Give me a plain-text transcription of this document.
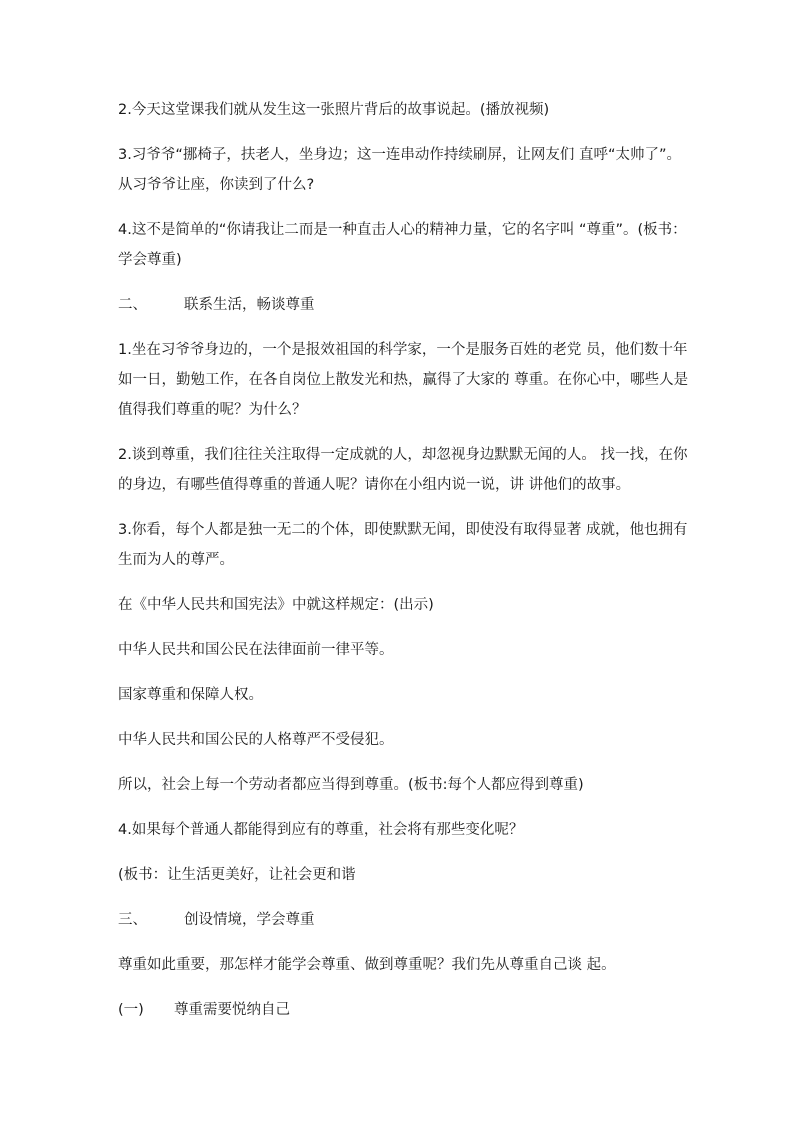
2.今天这堂课我们就从发生这一张照片背后的故事说起。(播放视频)

3.习爷爷“挪椅子，扶老人，坐身边；这一连串动作持续刷屏，让网友们 直呼“太帅了”。从习爷爷让座，你读到了什么?

4.这不是简单的“你请我让二而是一种直击人心的精神力量，它的名字叫 “尊重”。(板书：学会尊重)

二、	联系生活，畅谈尊重

1.坐在习爷爷身边的，一个是报效祖国的科学家，一个是服务百姓的老党 员，他们数十年如一日，勤勉工作，在各自岗位上散发光和热，赢得了大家的 尊重。在你心中，哪些人是值得我们尊重的呢？为什么？

2.谈到尊重，我们往往关注取得一定成就的人，却忽视身边默默无闻的人。 找一找，在你的身边，有哪些值得尊重的普通人呢？请你在小组内说一说，讲 讲他们的故事。

3.你看，每个人都是独一无二的个体，即使默默无闻，即使没有取得显著 成就，他也拥有生而为人的尊严。

在《中华人民共和国宪法》中就这样规定：(出示)

中华人民共和国公民在法律面前一律平等。

国家尊重和保障人权。

中华人民共和国公民的人格尊严不受侵犯。

所以，社会上每一个劳动者都应当得到尊重。(板书:每个人都应得到尊重)

4.如果每个普通人都能得到应有的尊重，社会将有那些变化呢？

(板书：让生活更美好，让社会更和谐

三、	创设情境，学会尊重

尊重如此重要，那怎样才能学会尊重、做到尊重呢？我们先从尊重自己谈 起。

(一)	尊重需要悦纳自己
